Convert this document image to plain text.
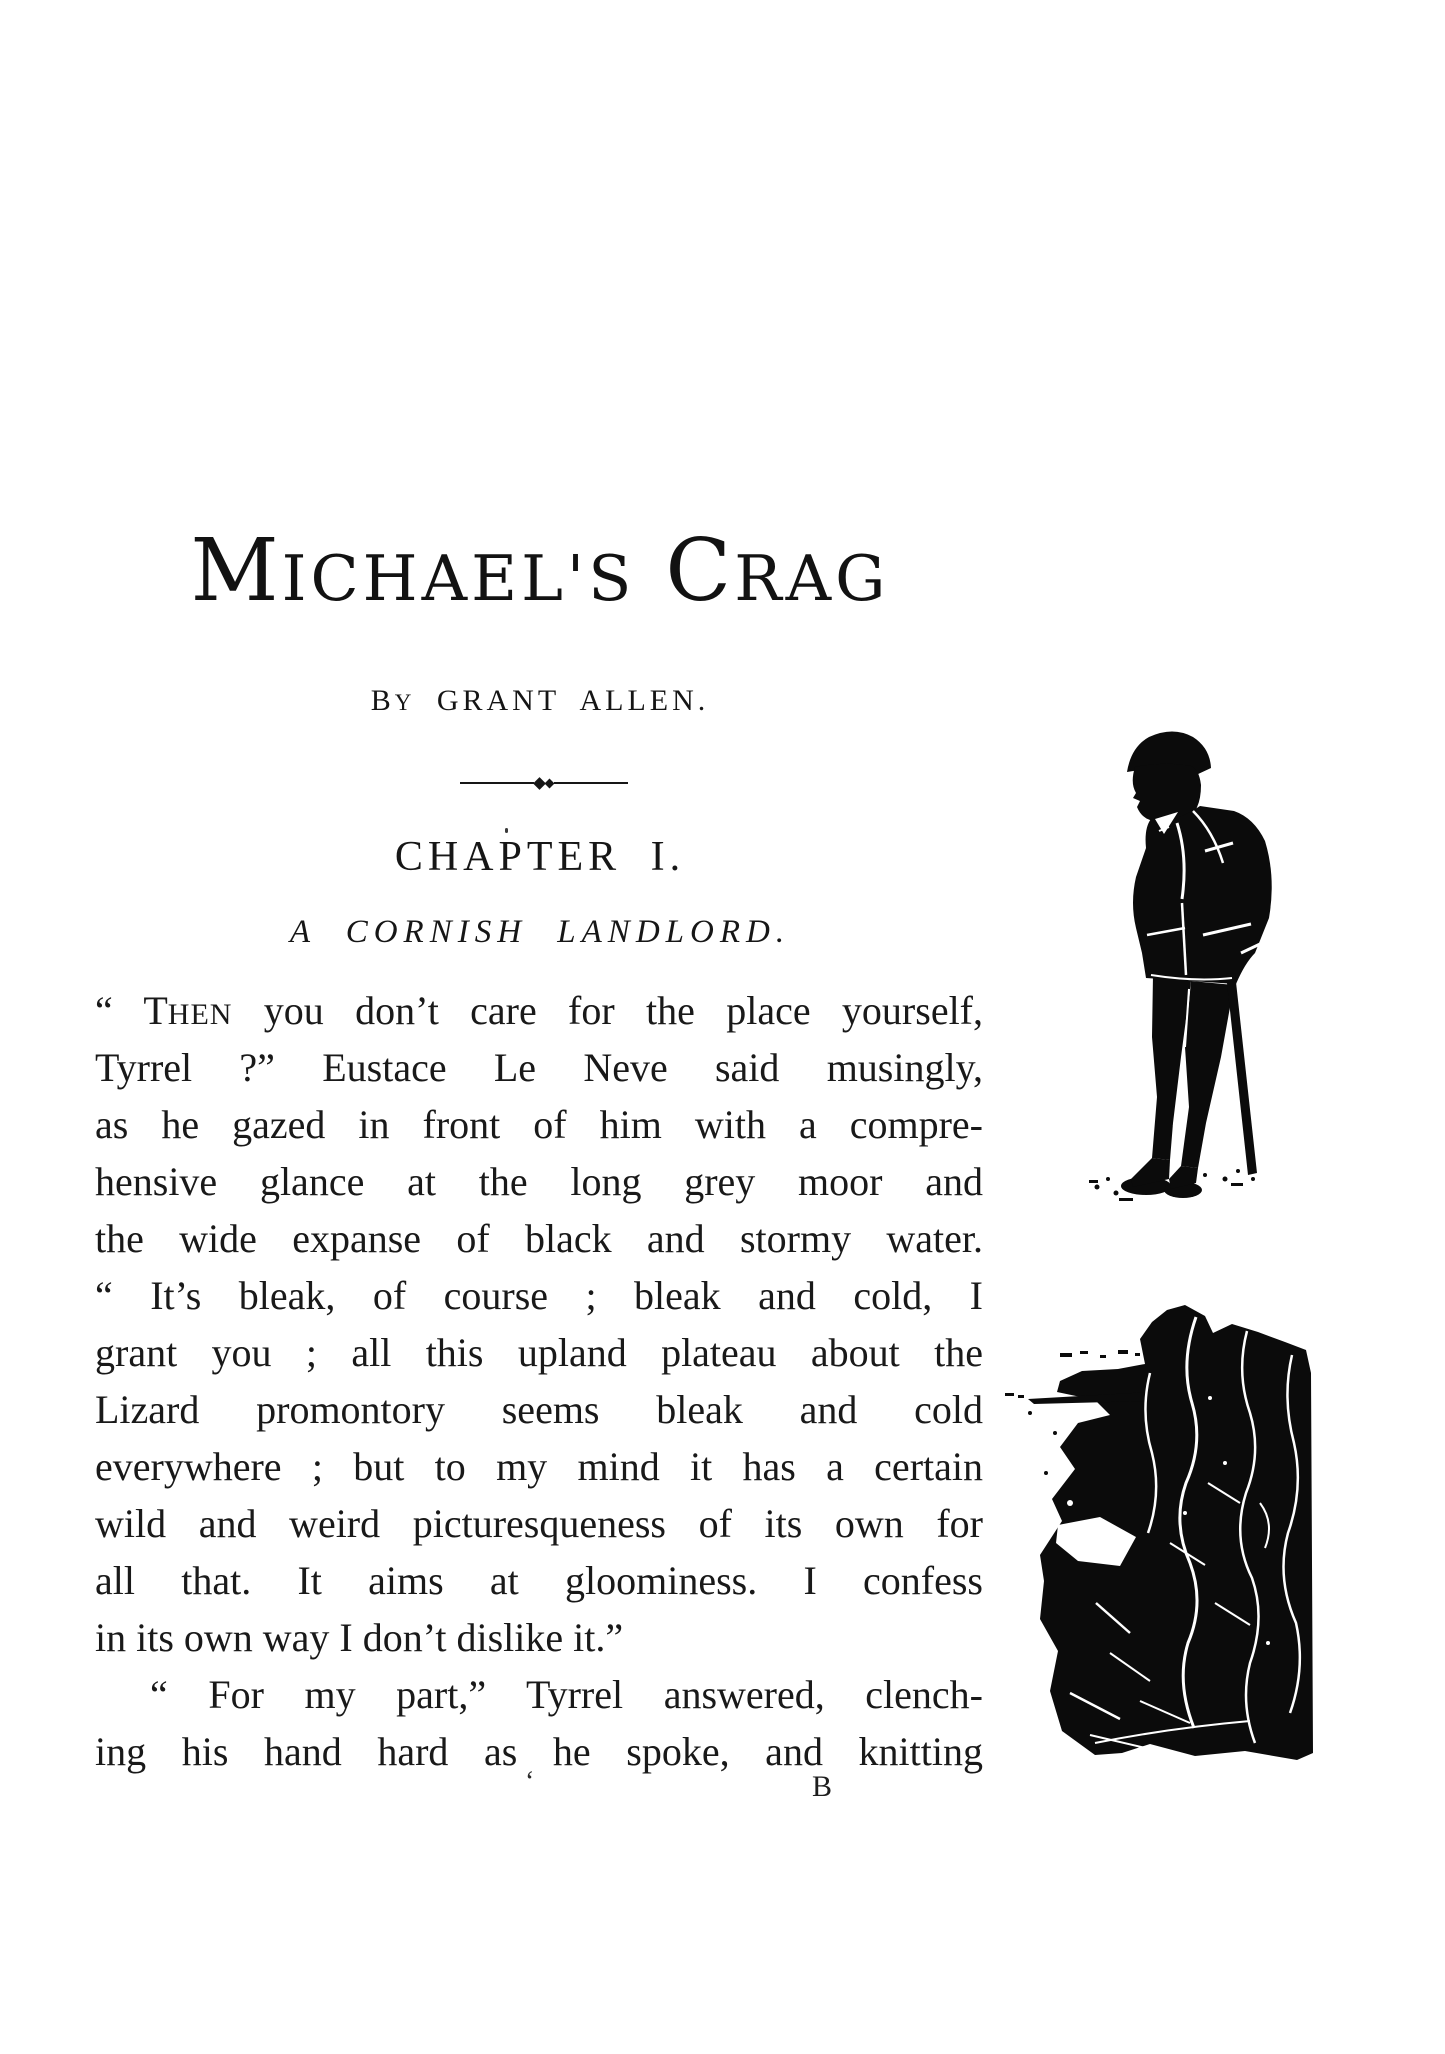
MICHAEL'S CRAG
BY GRANT ALLEN.
CHAPTER I.
A CORNISH LANDLORD.
“ THEN you don’t care for the place yourself,
Tyrrel ?” Eustace Le Neve said musingly,
as he gazed in front of him with a compre-
hensive glance at the long grey moor and
the wide expanse of black and stormy water.
“ It’s bleak, of course ; bleak and cold, I
grant you ; all this upland plateau about the
Lizard promontory seems bleak and cold
everywhere ; but to my mind it has a certain
wild and weird picturesqueness of its own for
all that. It aims at gloominess. I confess
in its own way I don’t dislike it.”
“ For my part,” Tyrrel answered, clench-
ing his hand hard as he spoke, and knitting
‘	B
